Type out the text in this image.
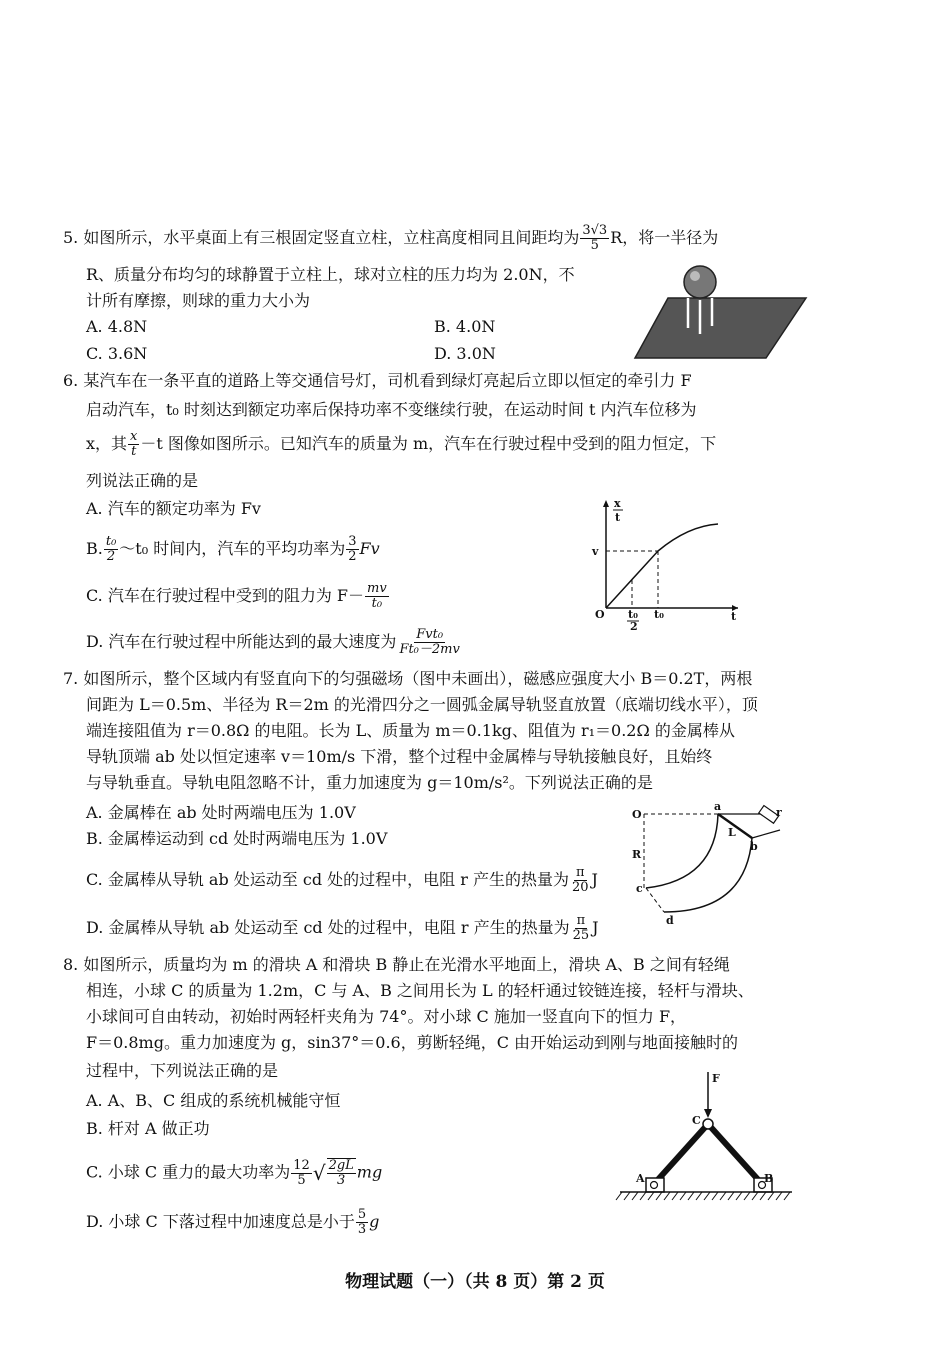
5. 如图所示，水平桌面上有三根固定竖直立柱，立柱高度相同且间距均为 $\frac{3√3}{5}$ R，将一半径为
R、质量分布均匀的球静置于立柱上，球对立柱的压力均为 2.0N，不
计所有摩擦，则球的重力大小为
A. 4.8N	B. 4.0N
C. 3.6N	D. 3.0N
6. 某汽车在一条平直的道路上等交通信号灯，司机看到绿灯亮起后立即以恒定的牵引力 F
启动汽车，t₀ 时刻达到额定功率后保持功率不变继续行驶，在运动时间 t 内汽车位移为
x，其 $\frac{x}{t} -t$ 图像如图所示。已知汽车的质量为 m，汽车在行驶过程中受到的阻力恒定，下
列说法正确的是
A. 汽车的额定功率为 Fv
B. $\frac{\text{t₀}}{2}$ ～t₀ 时间内，汽车的平均功率为 $\frac{3}{2}$ Fv
C. 汽车在行驶过程中受到的阻力为 $F- \frac{mv}{\text{t₀}}$
D. 汽车在行驶过程中所能达到的最大速度为 $\frac{\text{Fvt₀}}{\text{Ft₀－2mv}}$
x
t
v
O t₀
2
t₀	t
7. 如图所示，整个区域内有竖直向下的匀强磁场（图中未画出），磁感应强度大小 B＝0.2T，两根
间距为 L＝0.5m、半径为 R＝2m 的光滑四分之一圆弧金属导轨竖直放置（底端切线水平），顶
端连接阻值为 r＝0.8Ω 的电阻。长为 L、质量为 m＝0.1kg、阻值为 r₁＝0.2Ω 的金属棒从
导轨顶端 ab 处以恒定速率 v＝10m/s 下滑，整个过程中金属棒与导轨接触良好，且始终
与导轨垂直。导轨电阻忽略不计，重力加速度为 g＝10m/s²。下列说法正确的是
A. 金属棒在 ab 处时两端电压为 1.0V
B. 金属棒运动到 cd 处时两端电压为 1.0V
C. 金属棒从导轨 ab 处运动至 cd 处的过程中，电阻 r 产生的热量为 $\frac{\pi}{20}$ J
D. 金属棒从导轨 ab 处运动至 cd 处的过程中，电阻 r 产生的热量为 $\frac{\pi}{25}$ J
O
a	r
L
b
R
c
d
8. 如图所示，质量均为 m 的滑块 A 和滑块 B 静止在光滑水平地面上，滑块 A、B 之间有轻绳
相连，小球 C 的质量为 1.2m，C 与 A、B 之间用长为 L 的轻杆通过铰链连接，轻杆与滑块、
小球间可自由转动，初始时两轻杆夹角为 74°。对小球 C 施加一竖直向下的恒力 F，
F＝0.8mg。重力加速度为 g，sin37°＝0.6，剪断轻绳，C 由开始运动到刚与地面接触时的
过程中，下列说法正确的是
A. A、B、C 组成的系统机械能守恒
B. 杆对 A 做正功
C. 小球 C 重力的最大功率为 $\frac{12}{5}$ √ $\frac{2gL}{3}$ mg
D. 小球 C 下落过程中加速度总是小于 $\frac{5}{3}$ g
F
C
A	B
物理试题（一）（共 8 页）第 2 页
